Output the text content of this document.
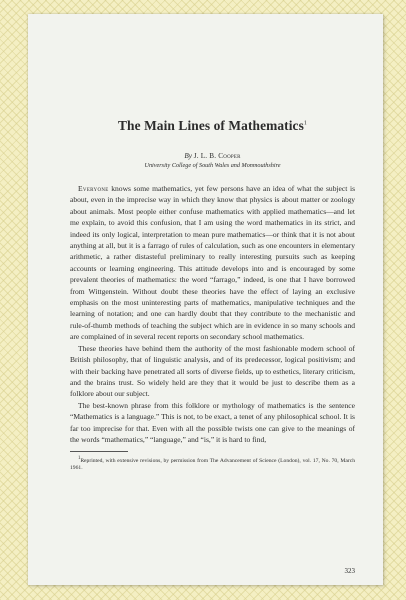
The Main Lines of Mathematics$^1$
By J. L. B. Cooper
University College of South Wales and Monmouthshire

Everyone knows some mathematics, yet few persons have an idea of what the subject is about, even in the imprecise way in which they know that physics is about matter or zoology about animals. Most people either confuse mathematics with applied mathematics—and let me explain, to avoid this confusion, that I am using the word mathematics in its strict, and indeed its only logical, interpretation to mean pure mathematics—or think that it is not about anything at all, but it is a farrago of rules of calculation, such as one encounters in elementary arithmetic, a rather distasteful preliminary to really interesting pursuits such as keeping accounts or learning engineering. This attitude develops into and is encouraged by some prevalent theories of mathematics: the word “farrago,” indeed, is one that I have borrowed from Wittgenstein. Without doubt these theories have the effect of laying an exclusive emphasis on the most uninteresting parts of mathematics, manipulative techniques and the learning of notation; and one can hardly doubt that they contribute to the mechanistic and rule-of-thumb methods of teaching the subject which are in evidence in so many schools and are complained of in several recent reports on secondary school mathematics.

These theories have behind them the authority of the most fashionable modern school of British philosophy, that of linguistic analysis, and of its predecessor, logical positivism; and with their backing have penetrated all sorts of diverse fields, up to esthetics, literary criticism, and the brains trust. So widely held are they that it would be just to describe them as a folklore about our subject.

The best-known phrase from this folklore or mythology of mathematics is the sentence “Mathematics is a language.” This is not, to be exact, a tenet of any philosophical school. It is far too imprecise for that. Even with all the possible twists one can give to the meanings of the words “mathematics,” “language,” and “is,” it is hard to find,

$^1$Reprinted, with extensive revisions, by permission from The Advancement of Science (London), vol. 17, No. 70, March 1961.

323
